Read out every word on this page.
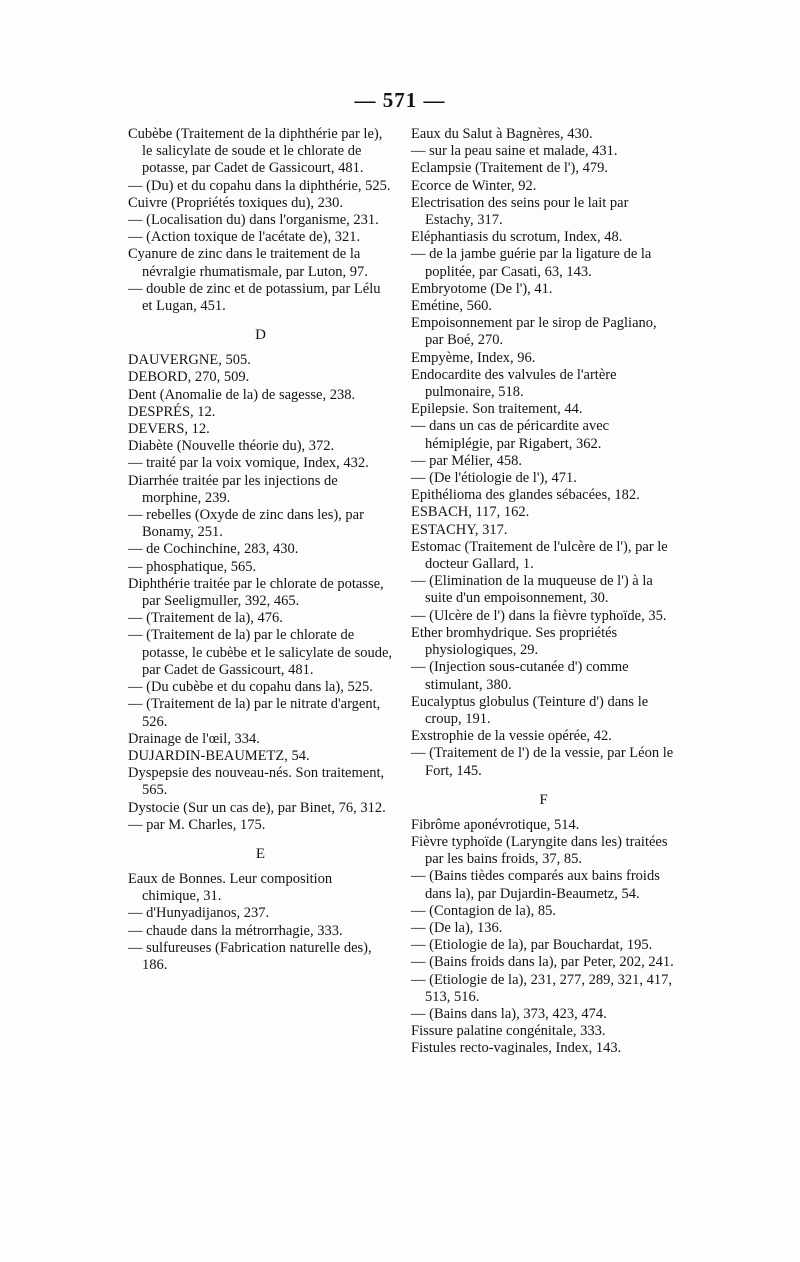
— 571 —

Cubèbe (Traitement de la diphthérie par le), le salicylate de soude et le chlorate de potasse, par Cadet de Gassicourt, 481.

— (Du) et du copahu dans la diphthérie, 525.

Cuivre (Propriétés toxiques du), 230.

— (Localisation du) dans l'organisme, 231.

— (Action toxique de l'acétate de), 321.

Cyanure de zinc dans le traitement de la névralgie rhumatismale, par Luton, 97.

— double de zinc et de potassium, par Lélu et Lugan, 451.

D

DAUVERGNE, 505.

DEBORD, 270, 509.

Dent (Anomalie de la) de sagesse, 238.

DESPRÉS, 12.

DEVERS, 12.

Diabète (Nouvelle théorie du), 372.

— traité par la voix vomique, Index, 432.

Diarrhée traitée par les injections de morphine, 239.

— rebelles (Oxyde de zinc dans les), par Bonamy, 251.

— de Cochinchine, 283, 430.

— phosphatique, 565.

Diphthérie traitée par le chlorate de potasse, par Seeligmuller, 392, 465.

— (Traitement de la), 476.

— (Traitement de la) par le chlorate de potasse, le cubèbe et le salicylate de soude, par Cadet de Gassicourt, 481.

— (Du cubèbe et du copahu dans la), 525.

— (Traitement de la) par le nitrate d'argent, 526.

Drainage de l'œil, 334.

DUJARDIN-BEAUMETZ, 54.

Dyspepsie des nouveau-nés. Son traitement, 565.

Dystocie (Sur un cas de), par Binet, 76, 312.

— par M. Charles, 175.

E

Eaux de Bonnes. Leur composition chimique, 31.

— d'Hunyadijanos, 237.

— chaude dans la métrorrhagie, 333.

— sulfureuses (Fabrication naturelle des), 186.

Eaux du Salut à Bagnères, 430.

— sur la peau saine et malade, 431.

Eclampsie (Traitement de l'), 479.

Ecorce de Winter, 92.

Electrisation des seins pour le lait par Estachy, 317.

Eléphantiasis du scrotum, Index, 48.

— de la jambe guérie par la ligature de la poplitée, par Casati, 63, 143.

Embryotome (De l'), 41.

Emétine, 560.

Empoisonnement par le sirop de Pagliano, par Boé, 270.

Empyème, Index, 96.

Endocardite des valvules de l'artère pulmonaire, 518.

Epilepsie. Son traitement, 44.

— dans un cas de péricardite avec hémiplégie, par Rigabert, 362.

— par Mélier, 458.

— (De l'étiologie de l'), 471.

Epithélioma des glandes sébacées, 182.

ESBACH, 117, 162.

ESTACHY, 317.

Estomac (Traitement de l'ulcère de l'), par le docteur Gallard, 1.

— (Elimination de la muqueuse de l') à la suite d'un empoisonnement, 30.

— (Ulcère de l') dans la fièvre typhoïde, 35.

Ether bromhydrique. Ses propriétés physiologiques, 29.

— (Injection sous-cutanée d') comme stimulant, 380.

Eucalyptus globulus (Teinture d') dans le croup, 191.

Exstrophie de la vessie opérée, 42.

— (Traitement de l') de la vessie, par Léon le Fort, 145.

F

Fibrôme aponévrotique, 514.

Fièvre typhoïde (Laryngite dans les) traitées par les bains froids, 37, 85.

— (Bains tièdes comparés aux bains froids dans la), par Dujardin-Beaumetz, 54.

— (Contagion de la), 85.

— (De la), 136.

— (Etiologie de la), par Bouchardat, 195.

— (Bains froids dans la), par Peter, 202, 241.

— (Etiologie de la), 231, 277, 289, 321, 417, 513, 516.

— (Bains dans la), 373, 423, 474.

Fissure palatine congénitale, 333.

Fistules recto-vaginales, Index, 143.
